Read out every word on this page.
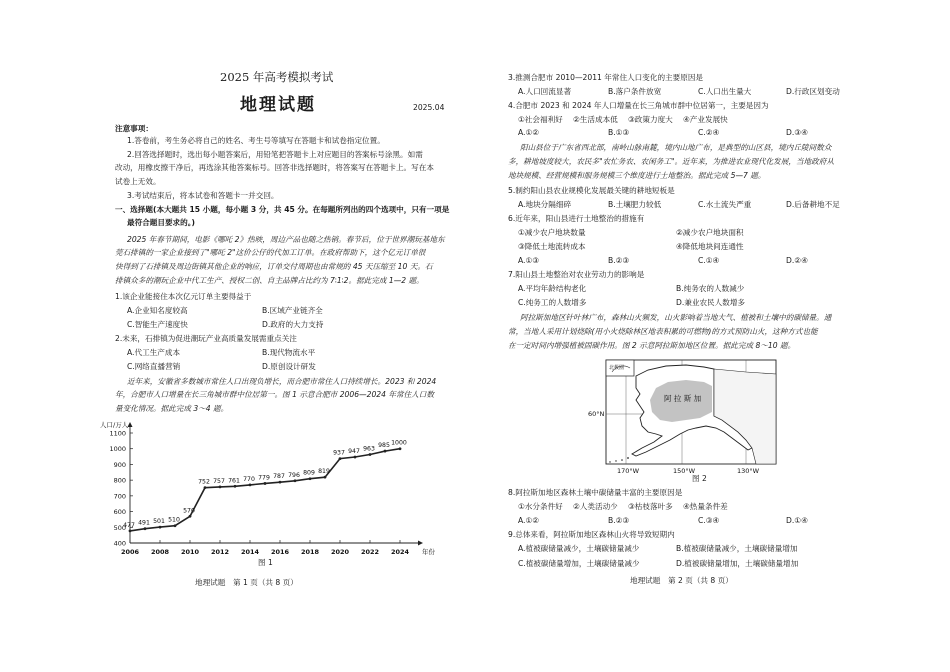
2025 年高考模拟考试
地理试题	2025.04
注意事项：
1.答卷前，考生务必将自己的姓名、考生号等填写在答题卡和试卷指定位置。
2.回答选择题时，选出每小题答案后，用铅笔把答题卡上对应题目的答案标号涂黑。如需
改动，用橡皮擦干净后，再选涂其他答案标号。回答非选择题时，将答案写在答题卡上。写在本
试卷上无效。
3.考试结束后，将本试卷和答题卡一并交回。
一、选择题(本大题共 15 小题，每小题 3 分，共 45 分。在每题所列出的四个选项中，只有一项是
最符合题目要求的。)
2025 年春节期间，电影《哪吒 2》热映，周边产品也随之热销。春节后，位于世界潮玩基地东
莞石排镇的一家企业接到了"哪吒 2"这价公仔的代加工订单。在政府帮助下，这个亿元订单很
快得到了石排镇及周边街镇其他企业的响应，订单交付周期也由常规的 45 天压缩至 10 天。石
排镇众多的潮玩企业中代工生产、授权二创、自主品牌占比约为 7∶1∶2。据此完成 1—2 题。
1.该企业能接住本次亿元订单主要得益于
A.企业知名度较高	B.区域产业链齐全
C.智能生产速度快	D.政府的大力支持
2.未来，石排镇为促进潮玩产业高质量发展需重点关注
A.代工生产成本	B.现代物流水平
C.网络直播营销	D.原创设计研发
近年来，安徽省多数城市常住人口出现负增长，而合肥市常住人口持续增长。2023 和 2024
年，合肥市人口增量在长三角城市群中位居第一。图 1 示意合肥市 2006—2024 年常住人口数
量变化情况。据此完成 3～4 题。
400
500
600
700
800
900
1000
1100
2006 2008 2010 2012 2014 2016 2018 2020 2022 2024
人口/万人
年份
477 491 501 510
570
752 757 761 770 779 787 796 809 819
937 947 963 985 1000
图 1
地理试题　第 1 页（共 8 页）
3.推测合肥市 2010—2011 年常住人口变化的主要原因是
A.人口回流显著	B.落户条件放宽	C.人口出生量大	D.行政区划变动
4.合肥市 2023 和 2024 年人口增量在长三角城市群中位居第一，主要是因为
①社会福利好 ②生活成本低 ③政策力度大 ④产业发展快
A.①②	B.①③	C.②④	D.③④
阳山县位于广东省西北部，南岭山脉南麓，境内山地广布，是典型的山区县，境内丘陵间数众
多，耕地坡度较大，农民多"农忙务农、农闲务工"。近年来，为推进农业现代化发展，当地政府从
地块规模、经营规模和服务规模三个维度进行土地整治。据此完成 5—7 题。
5.制约阳山县农业规模化发展最关键的耕地短板是
A.地块分隔细碎	B.土壤肥力较低	C.水土流失严重	D.后备耕地不足
6.近年来，阳山县进行土地整治的措施有
①减少农户地块数量	②减少农户地块面积
③降低土地流转成本	④降低地块间连通性
A.①③	B.②③	C.①④	D.②④
7.阳山县土地整治对农业劳动力的影响是
A.平均年龄结构老化	B.纯务农的人数减少
C.纯务工的人数增多	D.兼业农民人数增多
阿拉斯加地区针叶林广布，森林山火频发，山火影响着当地大气、植被和土壤中的碳储量。通
常，当地人采用计划烧除(用小火烧除林区地表积累的可燃物)的方式预防山火，这种方式也能
在一定时间内增强植被固碳作用。图 2 示意阿拉斯加地区位置。据此完成 8～10 题。
北极圈
阿 拉 斯 加
60°N
170°W	150°W	130°W
图 2
8.阿拉斯加地区森林土壤中碳储量丰富的主要原因是
①水分条件好 ②人类活动少 ③枯枝落叶多 ④热量条件差
A.①②	B.②③	C.③④	D.①④
9.总体来看，阿拉斯加地区森林山火将导致短期内
A.植被碳储量减少，土壤碳储量减少	B.植被碳储量减少，土壤碳储量增加
C.植被碳储量增加，土壤碳储量减少	D.植被碳储量增加，土壤碳储量增加
地理试题　第 2 页（共 8 页）
